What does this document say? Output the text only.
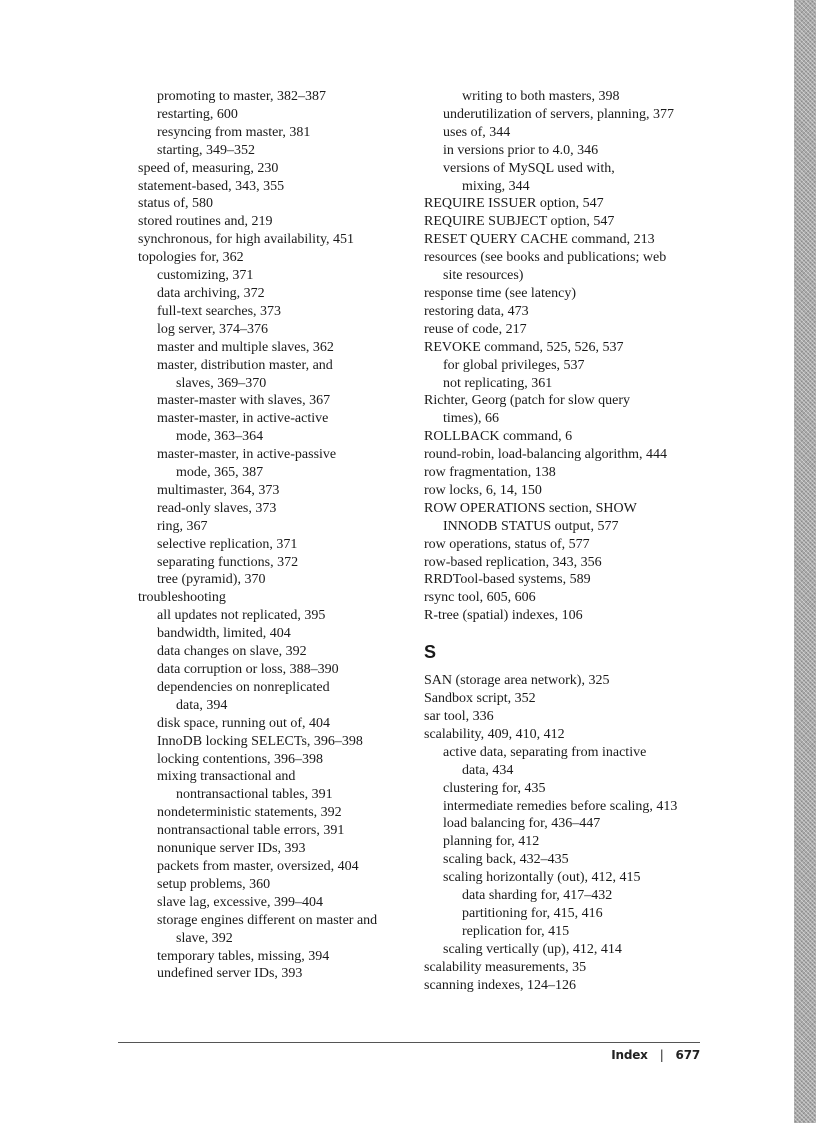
promoting to master, 382–387
restarting, 600
resyncing from master, 381
starting, 349–352
speed of, measuring, 230
statement-based, 343, 355
status of, 580
stored routines and, 219
synchronous, for high availability, 451
topologies for, 362
customizing, 371
data archiving, 372
full-text searches, 373
log server, 374–376
master and multiple slaves, 362
master, distribution master, and
slaves, 369–370
master-master with slaves, 367
master-master, in active-active
mode, 363–364
master-master, in active-passive
mode, 365, 387
multimaster, 364, 373
read-only slaves, 373
ring, 367
selective replication, 371
separating functions, 372
tree (pyramid), 370
troubleshooting
all updates not replicated, 395
bandwidth, limited, 404
data changes on slave, 392
data corruption or loss, 388–390
dependencies on nonreplicated
data, 394
disk space, running out of, 404
InnoDB locking SELECTs, 396–398
locking contentions, 396–398
mixing transactional and
nontransactional tables, 391
nondeterministic statements, 392
nontransactional table errors, 391
nonunique server IDs, 393
packets from master, oversized, 404
setup problems, 360
slave lag, excessive, 399–404
storage engines different on master and
slave, 392
temporary tables, missing, 394
undefined server IDs, 393
writing to both masters, 398
underutilization of servers, planning, 377
uses of, 344
in versions prior to 4.0, 346
versions of MySQL used with,
mixing, 344
REQUIRE ISSUER option, 547
REQUIRE SUBJECT option, 547
RESET QUERY CACHE command, 213
resources (see books and publications; web
site resources)
response time (see latency)
restoring data, 473
reuse of code, 217
REVOKE command, 525, 526, 537
for global privileges, 537
not replicating, 361
Richter, Georg (patch for slow query
times), 66
ROLLBACK command, 6
round-robin, load-balancing algorithm, 444
row fragmentation, 138
row locks, 6, 14, 150
ROW OPERATIONS section, SHOW
INNODB STATUS output, 577
row operations, status of, 577
row-based replication, 343, 356
RRDTool-based systems, 589
rsync tool, 605, 606
R-tree (spatial) indexes, 106
S
SAN (storage area network), 325
Sandbox script, 352
sar tool, 336
scalability, 409, 410, 412
active data, separating from inactive
data, 434
clustering for, 435
intermediate remedies before scaling, 413
load balancing for, 436–447
planning for, 412
scaling back, 432–435
scaling horizontally (out), 412, 415
data sharding for, 417–432
partitioning for, 415, 416
replication for, 415
scaling vertically (up), 412, 414
scalability measurements, 35
scanning indexes, 124–126
Index | 677
